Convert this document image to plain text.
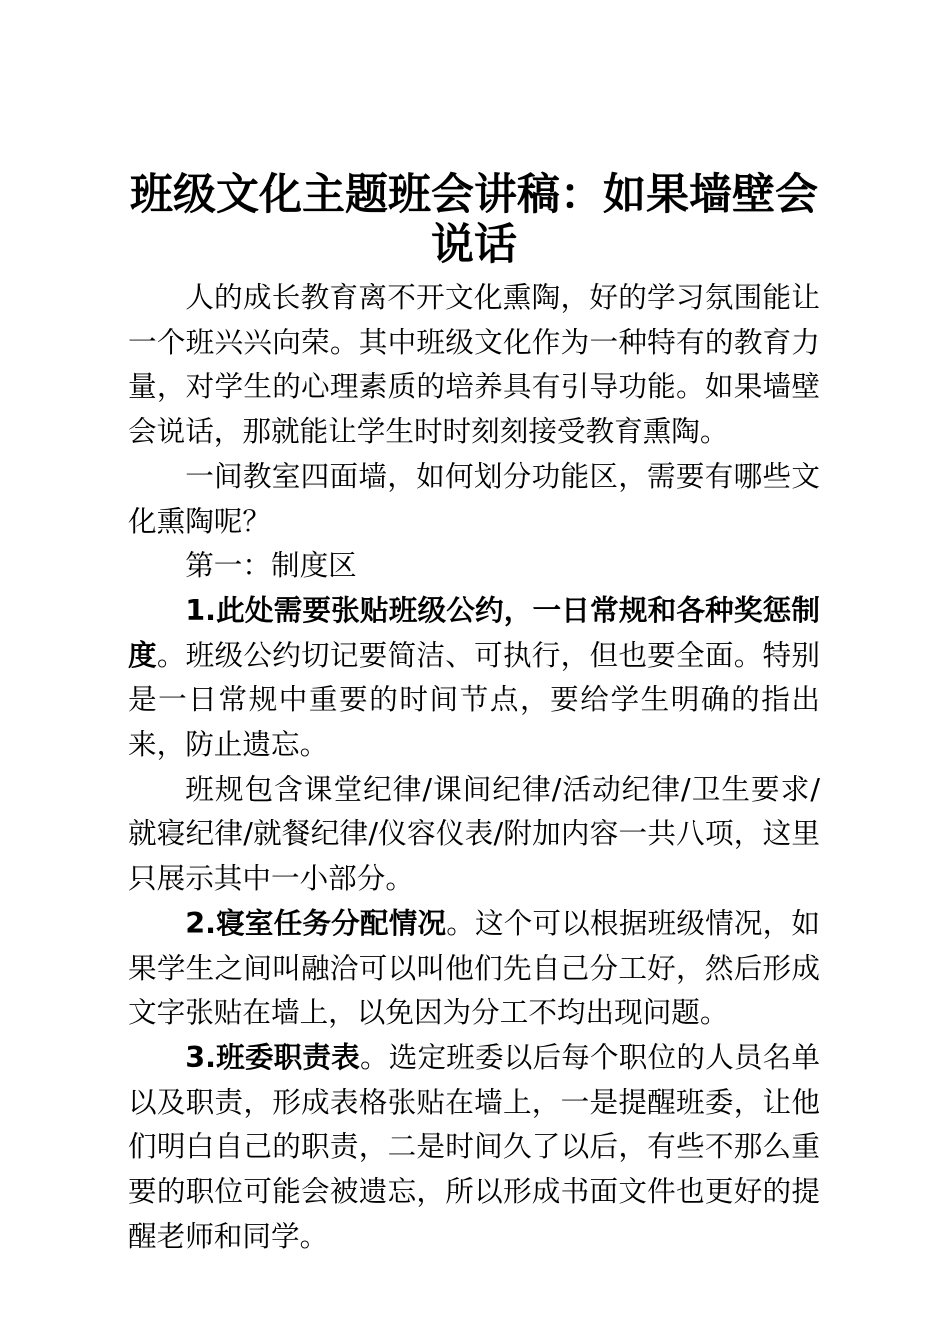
班级文化主题班会讲稿：如果墙壁会说话

人的成长教育离不开文化熏陶，好的学习氛围能让一个班兴兴向荣。其中班级文化作为一种特有的教育力量，对学生的心理素质的培养具有引导功能。如果墙壁会说话，那就能让学生时时刻刻接受教育熏陶。

一间教室四面墙，如何划分功能区，需要有哪些文化熏陶呢？

第一：制度区

1.此处需要张贴班级公约，一日常规和各种奖惩制度。班级公约切记要简洁、可执行，但也要全面。特别是一日常规中重要的时间节点，要给学生明确的指出来，防止遗忘。

班规包含课堂纪律/课间纪律/活动纪律/卫生要求/就寝纪律/就餐纪律/仪容仪表/附加内容一共八项，这里只展示其中一小部分。

2.寝室任务分配情况。这个可以根据班级情况，如果学生之间叫融洽可以叫他们先自己分工好，然后形成文字张贴在墙上，以免因为分工不均出现问题。

3.班委职责表。选定班委以后每个职位的人员名单以及职责，形成表格张贴在墙上，一是提醒班委，让他们明白自己的职责，二是时间久了以后，有些不那么重要的职位可能会被遗忘，所以形成书面文件也更好的提醒老师和同学。
